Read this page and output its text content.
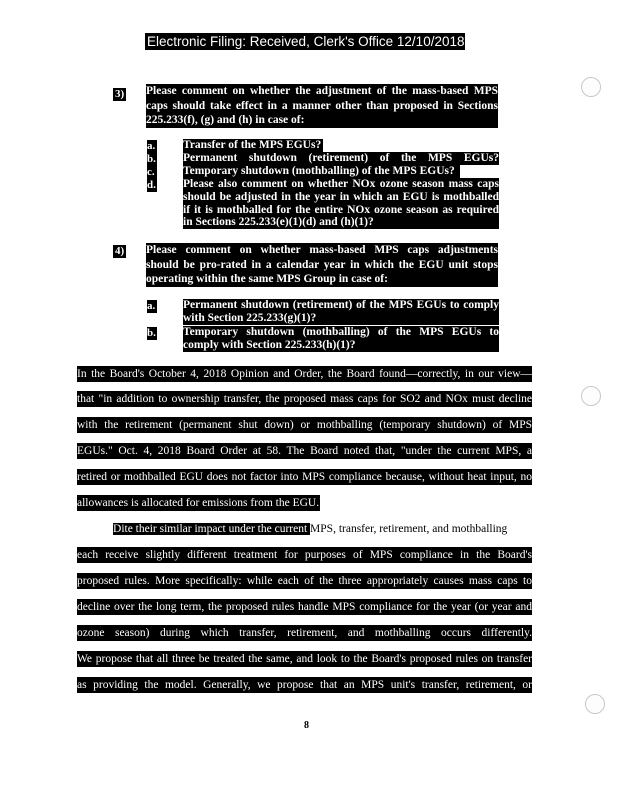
Electronic Filing: Received, Clerk's Office 12/10/2018
3) Please comment on whether the adjustment of the mass-based MPS
caps should take effect in a manner other than proposed in Sections
225.233(f), (g) and (h) in case of:
a. Transfer of the MPS EGUs?
b. Permanent shutdown (retirement) of the MPS EGUs?
c. Temporary shutdown (mothballing) of the MPS EGUs?
d. Please also comment on whether NOx ozone season mass caps
should be adjusted in the year in which an EGU is mothballed
if it is mothballed for the entire NOx ozone season as required
in Sections 225.233(e)(1)(d) and (h)(1)?
4) Please comment on whether mass-based MPS caps adjustments
should be pro-rated in a calendar year in which the EGU unit stops
operating within the same MPS Group in case of:
a. Permanent shutdown (retirement) of the MPS EGUs to comply
with Section 225.233(g)(1)?
b. Temporary shutdown (mothballing) of the MPS EGUs to
comply with Section 225.233(h)(1)?
In the Board's October 4, 2018 Opinion and Order, the Board found—correctly, in our view—
that "in addition to ownership transfer, the proposed mass caps for SO2 and NOx must decline
with the retirement (permanent shut down) or mothballing (temporary shutdown) of MPS
EGUs." Oct. 4, 2018 Board Order at 58. The Board noted that, "under the current MPS, a
retired or mothballed EGU does not factor into MPS compliance because, without heat input, no
allowances is allocated for emissions from the EGU." Id. at 59.
Dite their similar impact under the current MPS, transfer, retirement, and mothballing
each receive slightly different treatment for purposes of MPS compliance in the Board's
proposed rules. More specifically: while each of the three appropriately causes mass caps to
decline over the long term, the proposed rules handle MPS compliance for the year (or year and
ozone season) during which transfer, retirement, and mothballing occurs differently.
We propose that all three be treated the same, and look to the Board's proposed rules on transfer
as providing the model. Generally, we propose that an MPS unit's transfer, retirement, or
8
